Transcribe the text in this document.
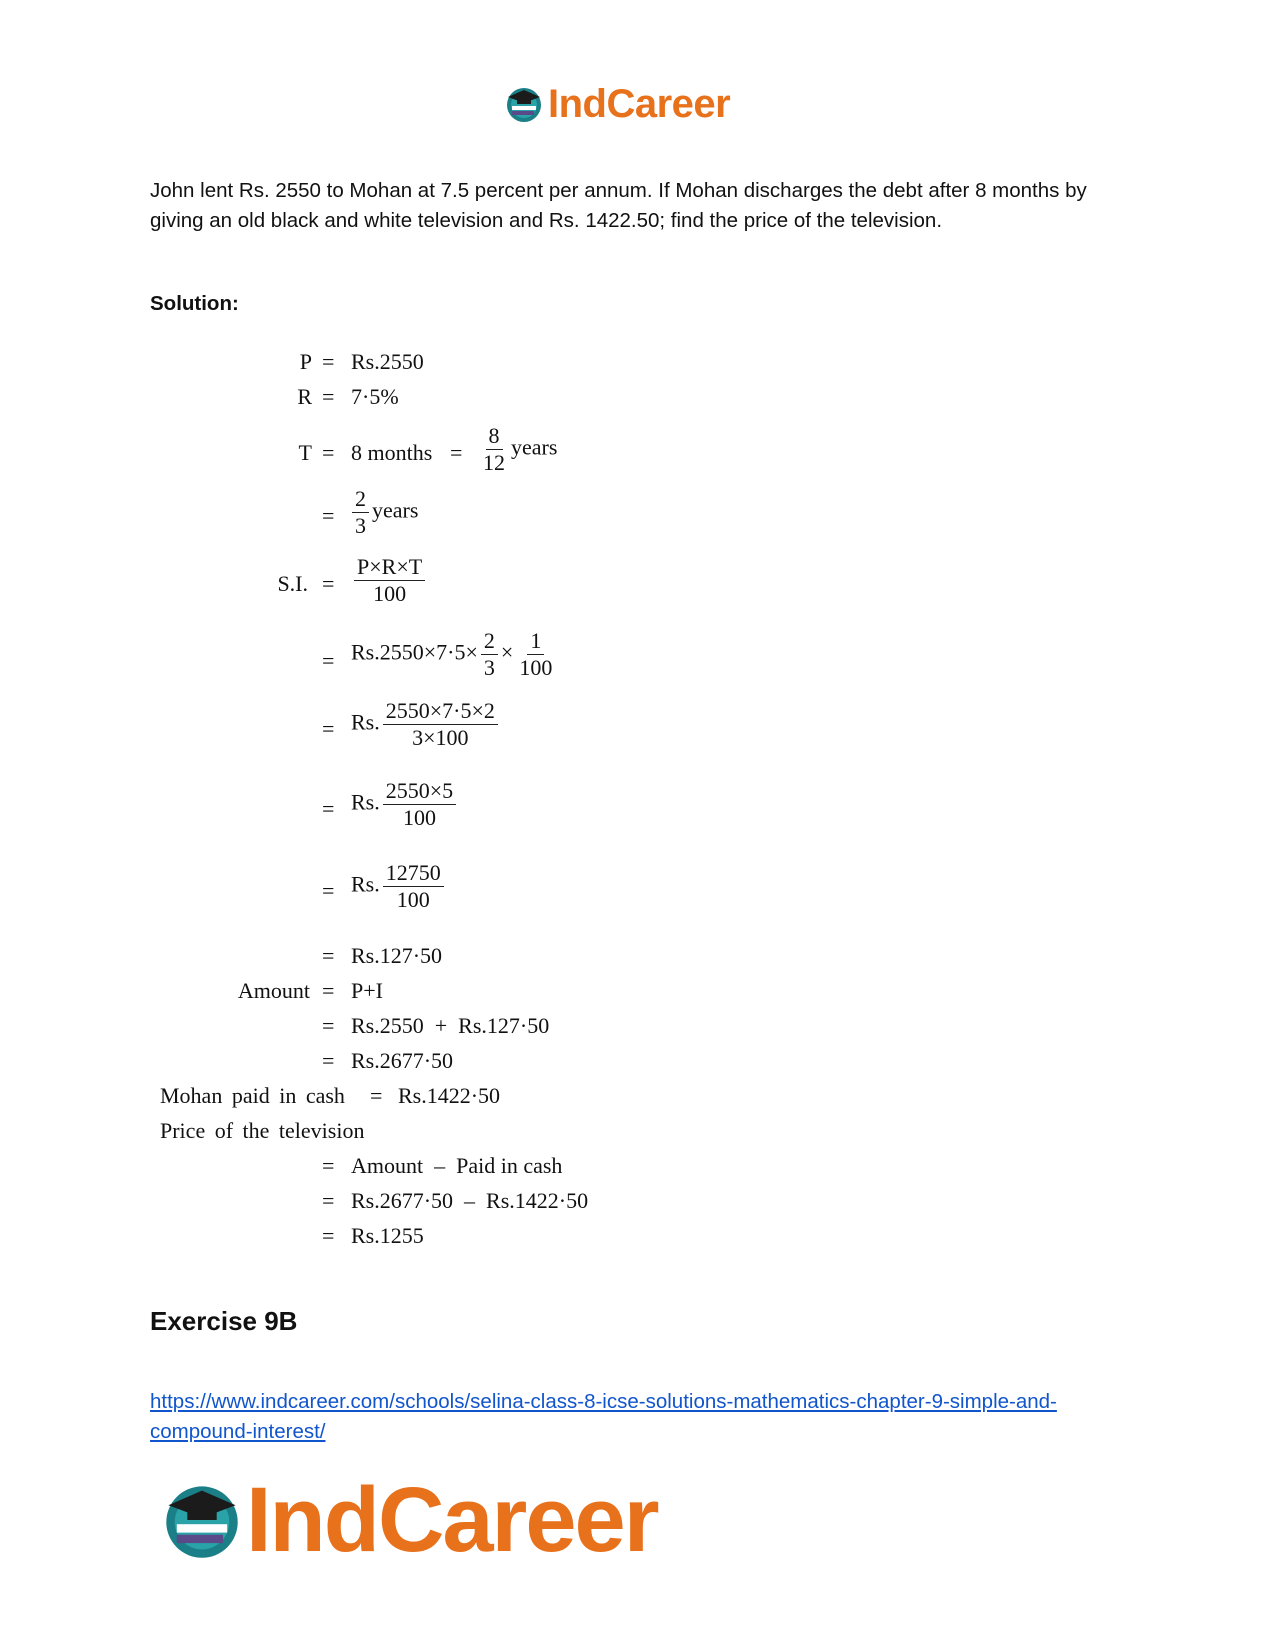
IndCareer
John lent Rs. 2550 to Mohan at 7.5 percent per annum. If Mohan discharges the debt after 8 months by giving an old black and white television and Rs. 1422.50; find the price of the television.
Solution:
P = Rs.2550
R = 7·5%
T = 8 months = $\frac{8}{12}$ years
= $\frac{2}{3}$ years
S.I. = $\frac{P\times R\times T}{100}$
= $Rs.2550\times 7\cdot 5\times \frac{2}{3} \times \frac{1}{100}$
= Rs. $\frac{2550\times 7\cdot 5\times 2}{3\times 100}$
= Rs. $\frac{2550\times 5}{100}$
= Rs. $\frac{12750}{100}$
= Rs.127·50
Amount = P+I
= Rs.2550  +  Rs.127·50
= Rs.2677·50
Mohan paid in cash = Rs.1422·50
Price of the television
= Amount  –  Paid in cash
= Rs.2677·50  –  Rs.1422·50
= Rs.1255
Exercise 9B
https://www.indcareer.com/schools/selina-class-8-icse-solutions-mathematics-chapter-9-simple-and-compound-interest/
IndCareer
